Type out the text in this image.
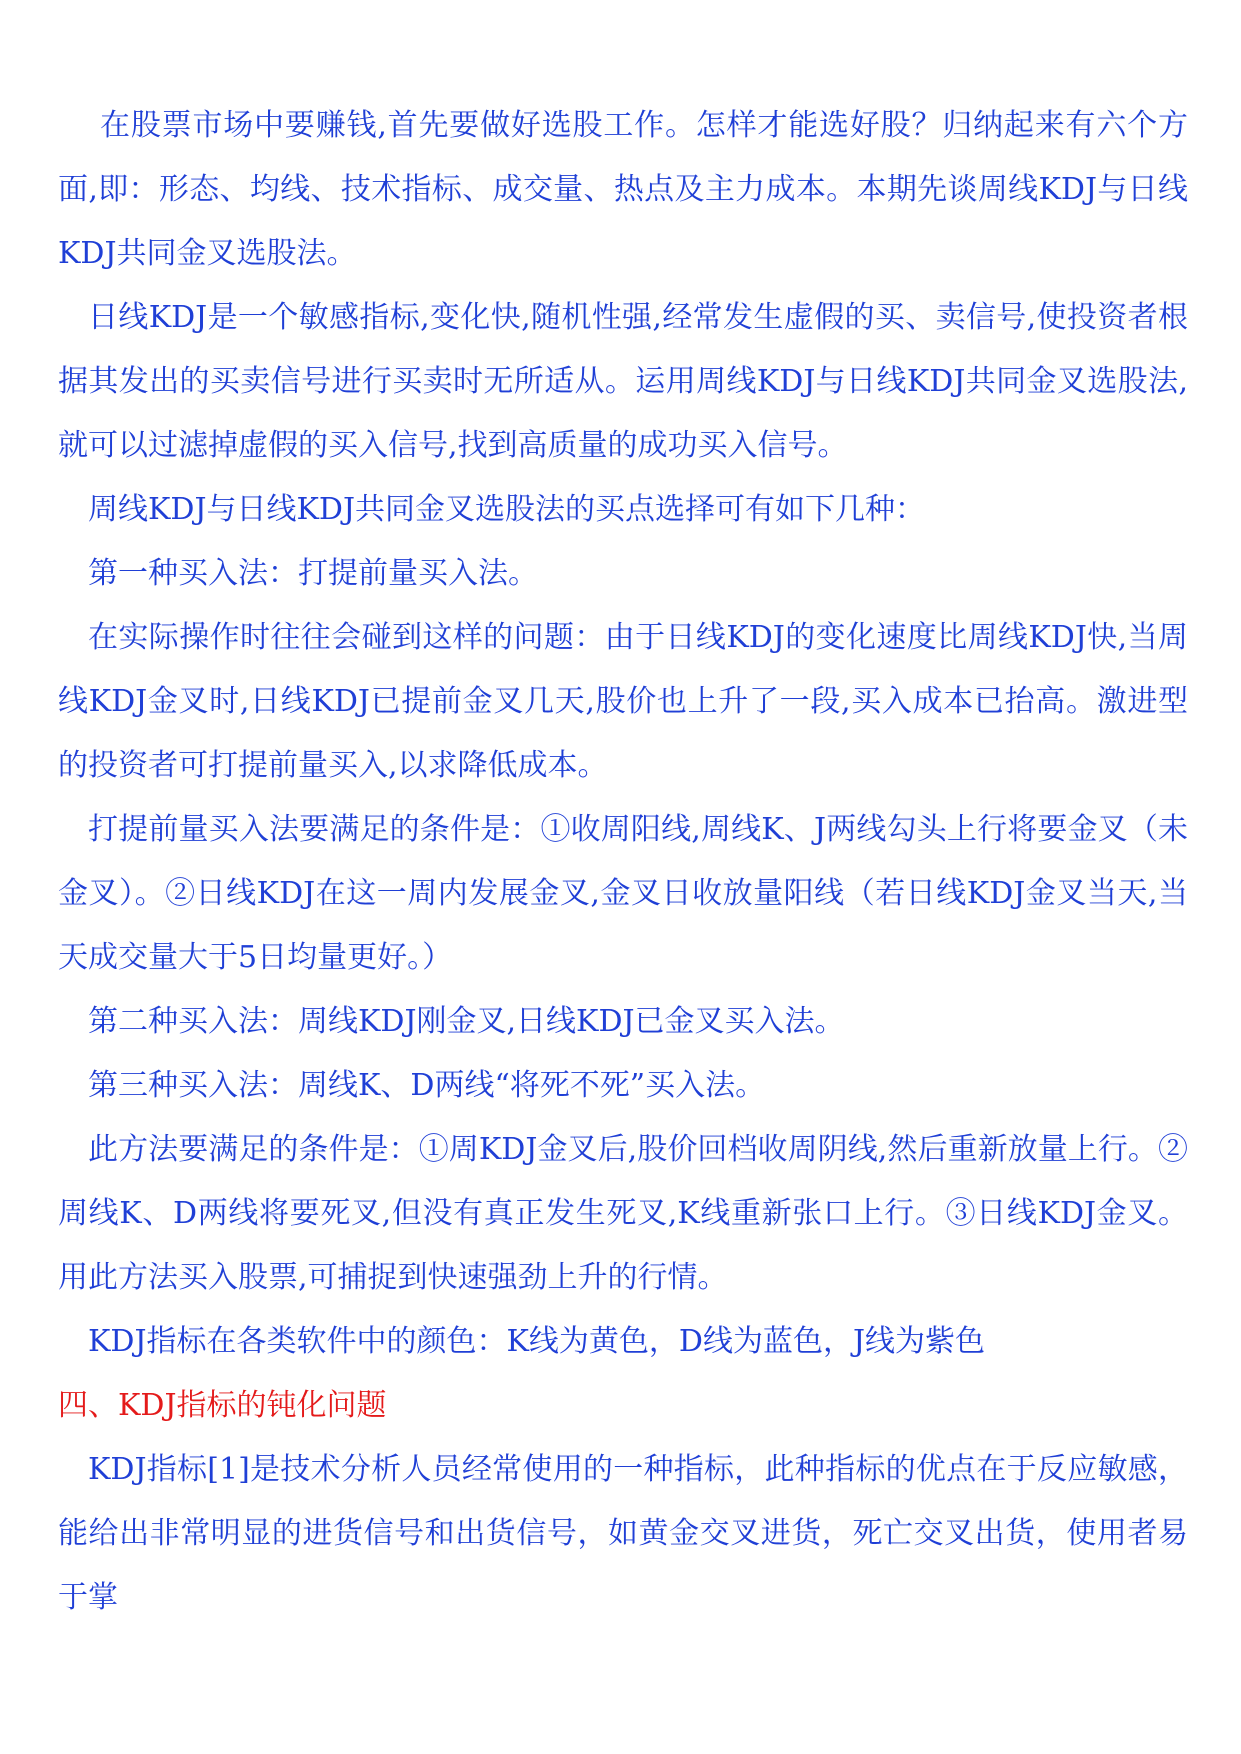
在股票市场中要赚钱,首先要做好选股工作。怎样才能选好股？归纳起来有六个方面,即：形态、均线、技术指标、成交量、热点及主力成本。本期先谈周线KDJ与日线KDJ共同金叉选股法。

日线KDJ是一个敏感指标,变化快,随机性强,经常发生虚假的买、卖信号,使投资者根据其发出的买卖信号进行买卖时无所适从。运用周线KDJ与日线KDJ共同金叉选股法,就可以过滤掉虚假的买入信号,找到高质量的成功买入信号。

周线KDJ与日线KDJ共同金叉选股法的买点选择可有如下几种：

第一种买入法：打提前量买入法。

在实际操作时往往会碰到这样的问题：由于日线KDJ的变化速度比周线KDJ快,当周线KDJ金叉时,日线KDJ已提前金叉几天,股价也上升了一段,买入成本已抬高。激进型的投资者可打提前量买入,以求降低成本。

打提前量买入法要满足的条件是：①收周阳线,周线K、J两线勾头上行将要金叉（未金叉）。②日线KDJ在这一周内发展金叉,金叉日收放量阳线（若日线KDJ金叉当天,当天成交量大于5日均量更好。）

第二种买入法：周线KDJ刚金叉,日线KDJ已金叉买入法。

第三种买入法：周线K、D两线“将死不死”买入法。

此方法要满足的条件是：①周KDJ金叉后,股价回档收周阴线,然后重新放量上行。②周线K、D两线将要死叉,但没有真正发生死叉,K线重新张口上行。③日线KDJ金叉。用此方法买入股票,可捕捉到快速强劲上升的行情。

KDJ指标在各类软件中的颜色：K线为黄色，D线为蓝色，J线为紫色

四、KDJ指标的钝化问题

KDJ指标[1]是技术分析人员经常使用的一种指标，此种指标的优点在于反应敏感，能给出非常明显的进货信号和出货信号，如黄金交叉进货，死亡交叉出货，使用者易于掌
